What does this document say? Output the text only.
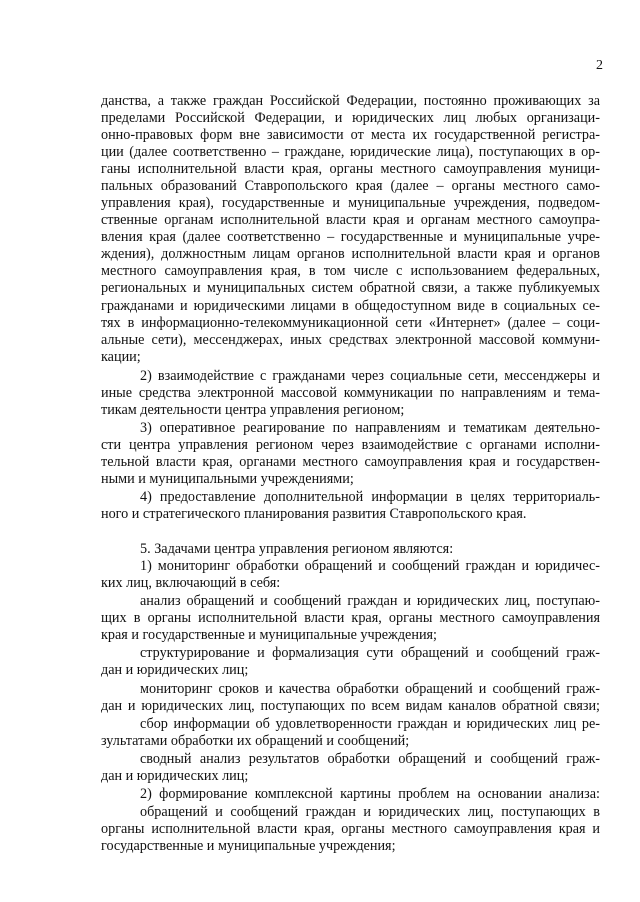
2
данства, а также граждан Российской Федерации, постоянно проживающих за
пределами Российской Федерации, и юридических лиц любых организаци-
онно-правовых форм вне зависимости от места их государственной регистра-
ции (далее соответственно – граждане, юридические лица), поступающих в ор-
ганы исполнительной власти края, органы местного самоуправления муници-
пальных образований Ставропольского края (далее – органы местного само-
управления края), государственные и муниципальные учреждения, подведом-
ственные органам исполнительной власти края и органам местного самоупра-
вления края (далее соответственно – государственные и муниципальные учре-
ждения), должностным лицам органов исполнительной власти края и органов
местного самоуправления края, в том числе с использованием федеральных,
региональных и муниципальных систем обратной связи, а также публикуемых
гражданами и юридическими лицами в общедоступном виде в социальных се-
тях в информационно-телекоммуникационной сети «Интернет» (далее – соци-
альные сети), мессенджерах, иных средствах электронной массовой коммуни-
кации;
2) взаимодействие с гражданами через социальные сети, мессенджеры и
иные средства электронной массовой коммуникации по направлениям и тема-
тикам деятельности центра управления регионом;
3) оперативное реагирование по направлениям и тематикам деятельно-
сти центра управления регионом через взаимодействие с органами исполни-
тельной власти края, органами местного самоуправления края и государствен-
ными и муниципальными учреждениями;
4) предоставление дополнительной информации в целях территориаль-
ного и стратегического планирования развития Ставропольского края.
5. Задачами центра управления регионом являются:
1) мониторинг обработки обращений и сообщений граждан и юридичес-
ких лиц, включающий в себя:
анализ обращений и сообщений граждан и юридических лиц, поступаю-
щих в органы исполнительной власти края, органы местного самоуправления
края и государственные и муниципальные учреждения;
структурирование и формализация сути обращений и сообщений граж-
дан и юридических лиц;
мониторинг сроков и качества обработки обращений и сообщений граж-
дан и юридических лиц, поступающих по всем видам каналов обратной связи;
сбор информации об удовлетворенности граждан и юридических лиц ре-
зультатами обработки их обращений и сообщений;
сводный анализ результатов обработки обращений и сообщений граж-
дан и юридических лиц;
2) формирование комплексной картины проблем на основании анализа:
обращений и сообщений граждан и юридических лиц, поступающих в
органы исполнительной власти края, органы местного самоуправления края и
государственные и муниципальные учреждения;
